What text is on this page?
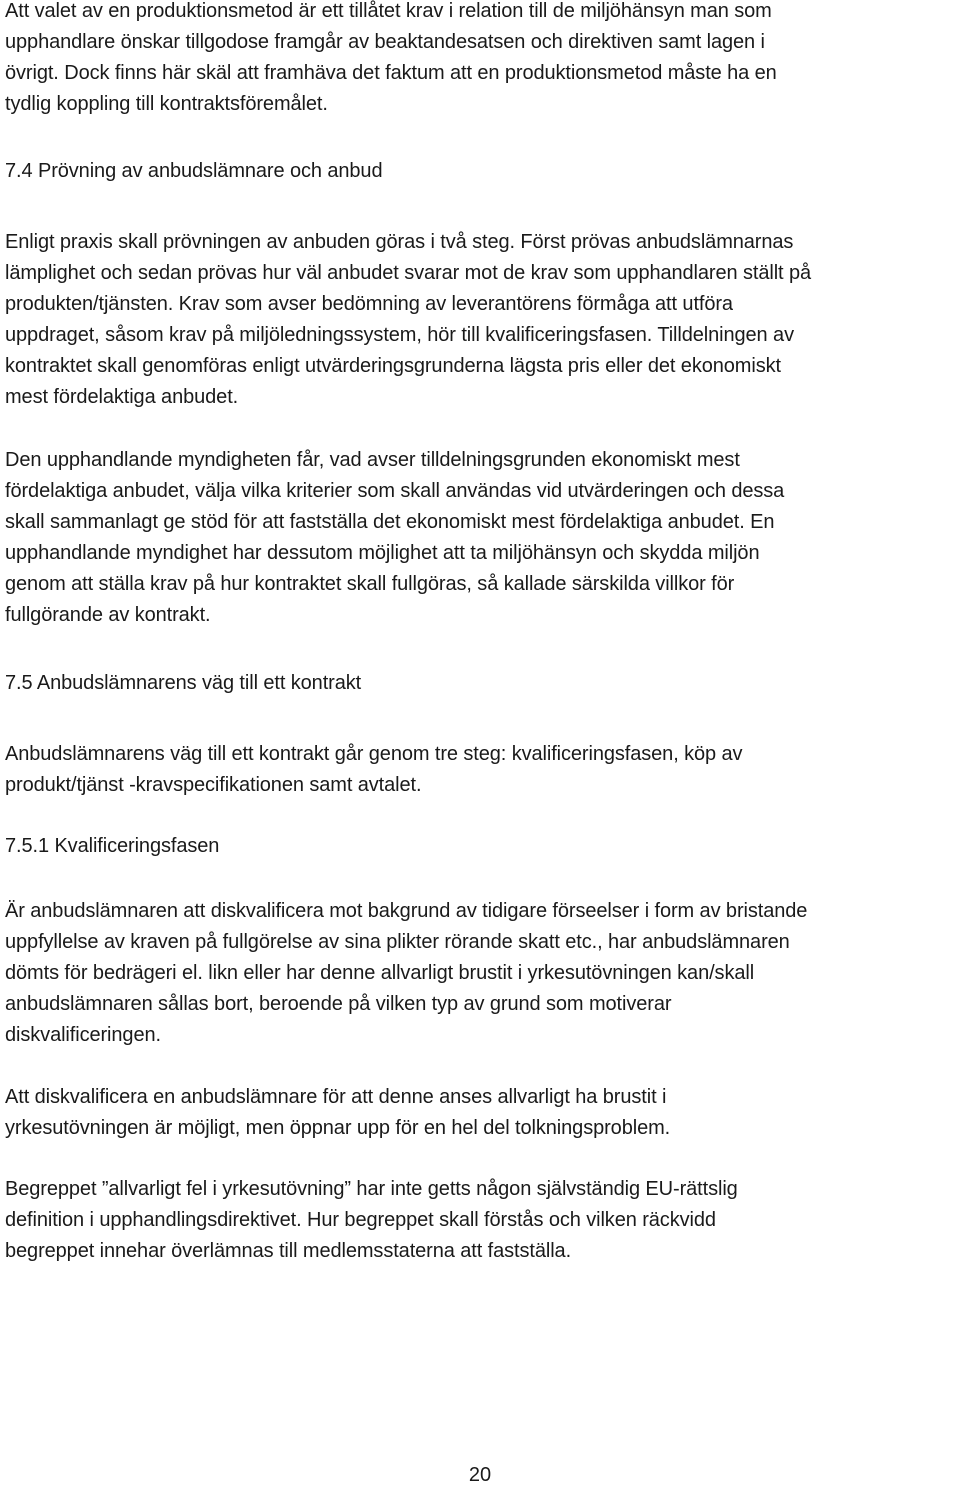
Att valet av en produktionsmetod är ett tillåtet krav i relation till de miljöhänsyn man som
upphandlare önskar tillgodose framgår av beaktandesatsen och direktiven samt lagen i
övrigt. Dock finns här skäl att framhäva det faktum att en produktionsmetod måste ha en
tydlig koppling till kontraktsföremålet.
7.4 Prövning av anbudslämnare och anbud
Enligt praxis skall prövningen av anbuden göras i två steg. Först prövas anbudslämnarnas
lämplighet och sedan prövas hur väl anbudet svarar mot de krav som upphandlaren ställt på
produkten/tjänsten. Krav som avser bedömning av leverantörens förmåga att utföra
uppdraget, såsom krav på miljöledningssystem, hör till kvalificeringsfasen. Tilldelningen av
kontraktet skall genomföras enligt utvärderingsgrunderna lägsta pris eller det ekonomiskt
mest fördelaktiga anbudet.
Den upphandlande myndigheten får, vad avser tilldelningsgrunden ekonomiskt mest
fördelaktiga anbudet, välja vilka kriterier som skall användas vid utvärderingen och dessa
skall sammanlagt ge stöd för att fastställa det ekonomiskt mest fördelaktiga anbudet. En
upphandlande myndighet har dessutom möjlighet att ta miljöhänsyn och skydda miljön
genom att ställa krav på hur kontraktet skall fullgöras, så kallade särskilda villkor för
fullgörande av kontrakt.
7.5 Anbudslämnarens väg till ett kontrakt
Anbudslämnarens väg till ett kontrakt går genom tre steg: kvalificeringsfasen, köp av
produkt/tjänst -kravspecifikationen samt avtalet.
7.5.1 Kvalificeringsfasen
Är anbudslämnaren att diskvalificera mot bakgrund av tidigare förseelser i form av bristande
uppfyllelse av kraven på fullgörelse av sina plikter rörande skatt etc., har anbudslämnaren
dömts för bedrägeri el. likn eller har denne allvarligt brustit i yrkesutövningen kan/skall
anbudslämnaren sållas bort, beroende på vilken typ av grund som motiverar
diskvalificeringen.
Att diskvalificera en anbudslämnare för att denne anses allvarligt ha brustit i
yrkesutövningen är möjligt, men öppnar upp för en hel del tolkningsproblem.
Begreppet ”allvarligt fel i yrkesutövning” har inte getts någon självständig EU-rättslig
definition i upphandlingsdirektivet. Hur begreppet skall förstås och vilken räckvidd
begreppet innehar överlämnas till medlemsstaterna att fastställa.
20
